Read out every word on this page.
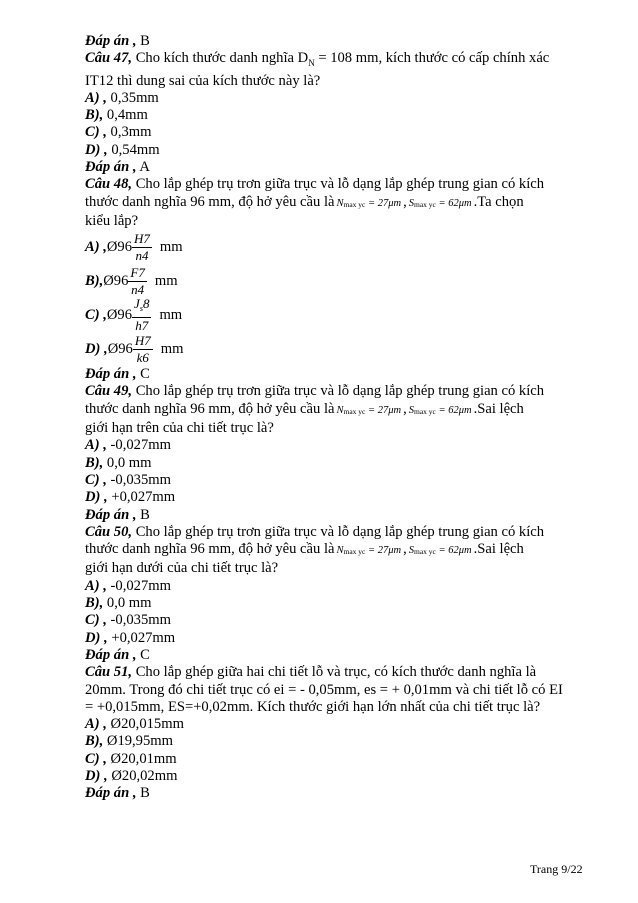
Đáp án , B
Câu 47, Cho kích thước danh nghĩa $D_N = 108$ mm, kích thước có cấp chính xác
IT12 thì dung sai của kích thước này là?
A) , 0,35mm
B), 0,4mm
C) , 0,3mm
D) , 0,54mm
Đáp án , A
Câu 48, Cho lắp ghép trụ trơn giữa trục và lỗ dạng lắp ghép trung gian có kích
thước danh nghĩa 96 mm, độ hở yêu cầu là Nmax yc = 27μm , Smax yc = 62μm .Ta chọn
kiểu lắp?
A) , Ø96 $\frac{H7}{n4}$ mm
B), Ø96 $\frac{F7}{n4}$ mm
C) , Ø96 $\frac{J_s8}{h7}$ mm
D) , Ø96 $\frac{H7}{k6}$ mm
Đáp án , C
Câu 49, Cho lắp ghép trụ trơn giữa trục và lỗ dạng lắp ghép trung gian có kích
thước danh nghĩa 96 mm, độ hở yêu cầu là Nmax yc = 27μm , Smax yc = 62μm .Sai lệch
giới hạn trên của chi tiết trục là?
A) , -0,027mm
B), 0,0 mm
C) , -0,035mm
D) , +0,027mm
Đáp án , B
Câu 50, Cho lắp ghép trụ trơn giữa trục và lỗ dạng lắp ghép trung gian có kích
thước danh nghĩa 96 mm, độ hở yêu cầu là Nmax yc = 27μm , Smax yc = 62μm .Sai lệch
giới hạn dưới của chi tiết trục là?
A) , -0,027mm
B), 0,0 mm
C) , -0,035mm
D) , +0,027mm
Đáp án , C
Câu 51, Cho lắp ghép giữa hai chi tiết lỗ và trục, có kích thước danh nghĩa là
20mm. Trong đó chi tiết trục có ei = - 0,05mm, es = + 0,01mm và chi tiết lỗ có EI
= +0,015mm, ES=+0,02mm. Kích thước giới hạn lớn nhất của chi tiết trục là?
A) , Ø20,015mm
B), Ø19,95mm
C) , Ø20,01mm
D) , Ø20,02mm
Đáp án , B
Trang 9/22
